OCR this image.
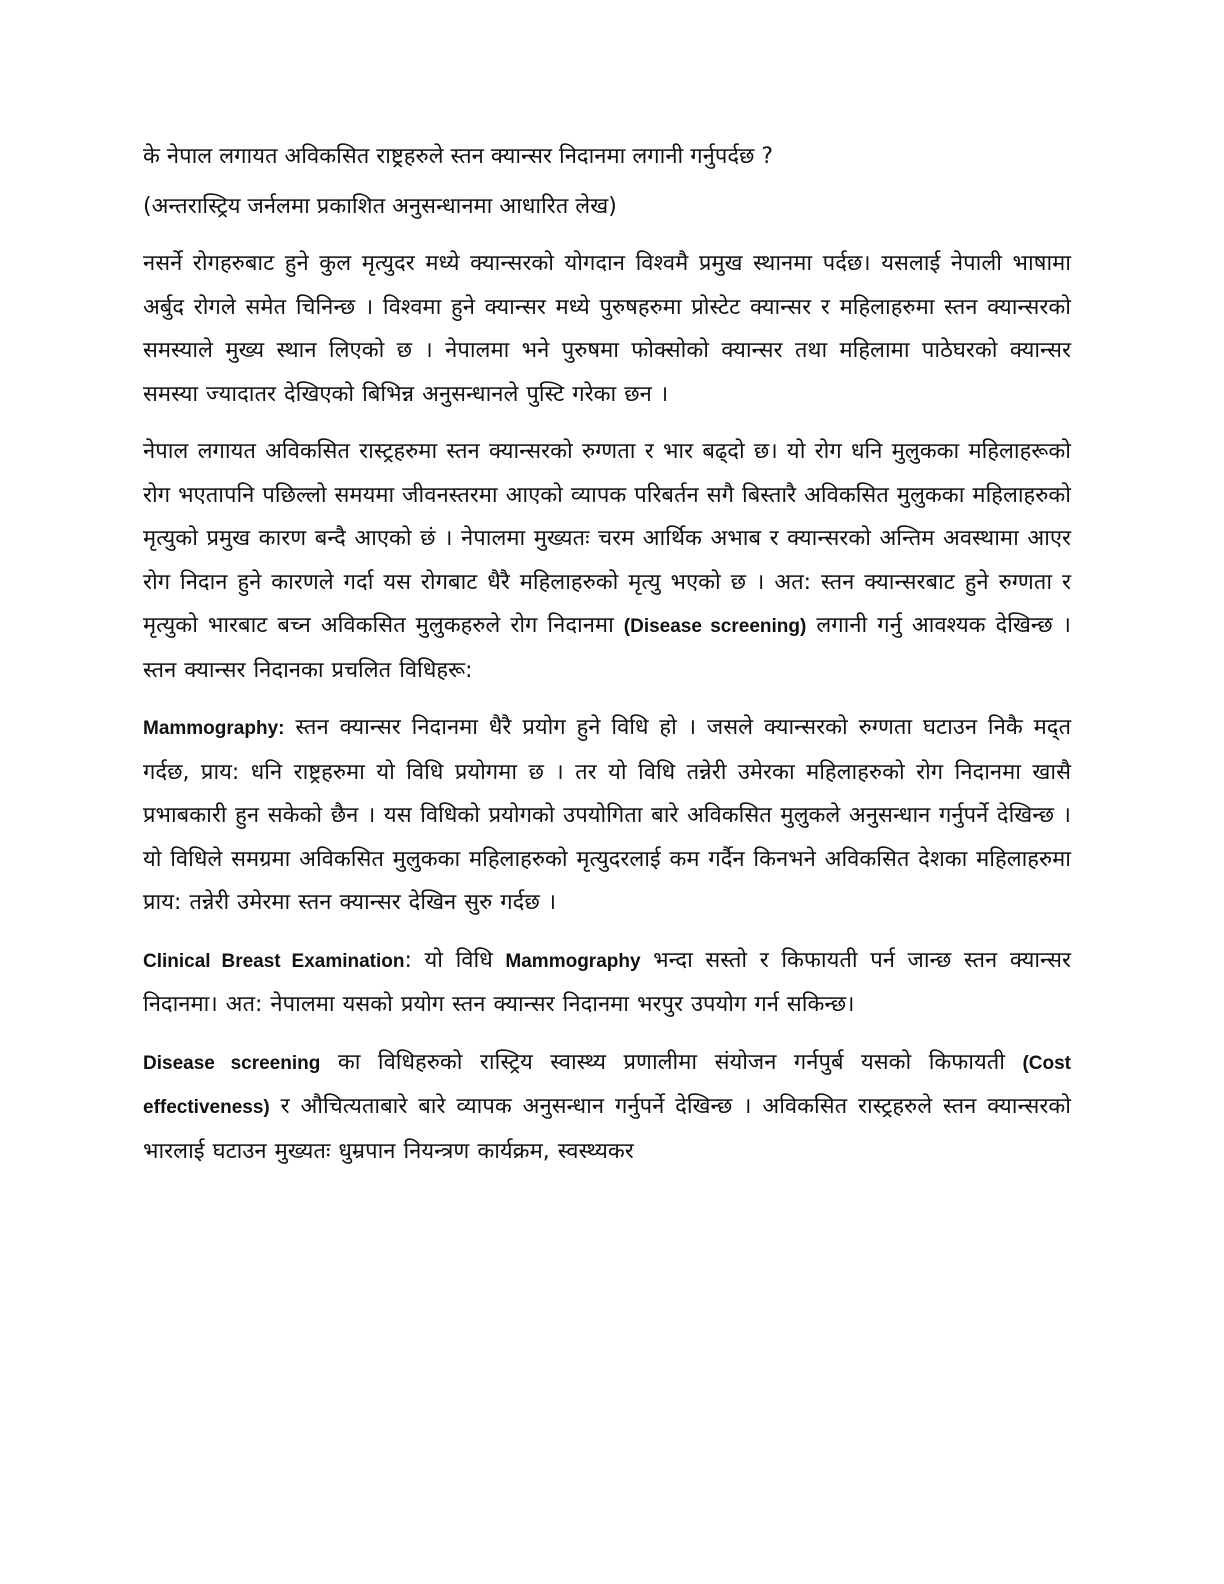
के नेपाल लगायत अविकसित राष्ट्रहरुले स्तन क्यान्सर निदानमा लगानी गर्नुपर्दछ ?

(अन्तरास्ट्रिय जर्नलमा प्रकाशित अनुसन्धानमा आधारित लेख)

नसर्ने रोगहरुबाट हुने कुल मृत्युदर मध्ये क्यान्सरको योगदान विश्वमै प्रमुख स्थानमा पर्दछ। यसलाई नेपाली भाषामा अर्बुद रोगले समेत चिनिन्छ । विश्वमा हुने क्यान्सर मध्ये पुरुषहरुमा प्रोस्टेट क्यान्सर र महिलाहरुमा स्तन क्यान्सरको समस्याले मुख्य स्थान लिएको छ । नेपालमा भने पुरुषमा फोक्सोको क्यान्सर तथा महिलामा पाठेघरको क्यान्सर समस्या ज्यादातर देखिएको बिभिन्न अनुसन्धानले पुस्टि गरेका छन ।

नेपाल लगायत अविकसित रास्ट्रहरुमा स्तन क्यान्सरको रुग्णता र भार बढ्दो छ। यो रोग धनि मुलुकका महिलाहरूको रोग भएतापनि पछिल्लो समयमा जीवनस्तरमा आएको व्यापक परिबर्तन सगै बिस्तारै अविकसित मुलुकका महिलाहरुको मृत्युको प्रमुख कारण बन्दै आएको छं । नेपालमा मुख्यतः चरम आर्थिक अभाब र क्यान्सरको अन्तिम अवस्थामा आएर रोग निदान हुने कारणले गर्दा यस रोगबाट धैरै महिलाहरुको मृत्यु भएको छ । अत: स्तन क्यान्सरबाट हुने रुग्णता र मृत्युको भारबाट बच्न अविकसित मुलुकहरुले रोग निदानमा (Disease screening) लगानी गर्नु आवश्यक देखिन्छ । स्तन क्यान्सर निदानका प्रचलित विधिहरू:

Mammography: स्तन क्यान्सर निदानमा धैरै प्रयोग हुने विधि हो । जसले क्यान्सरको रुग्णता घटाउन निकै मद्त गर्दछ, प्राय: धनि राष्ट्रहरुमा यो विधि प्रयोगमा छ । तर यो विधि तन्नेरी उमेरका महिलाहरुको रोग निदानमा खासै प्रभाबकारी हुन सकेको छैन । यस विधिको प्रयोगको उपयोगिता बारे अविकसित मुलुकले अनुसन्धान गर्नुपर्ने देखिन्छ । यो विधिले समग्रमा अविकसित मुलुकका महिलाहरुको मृत्युदरलाई कम गर्दैन किनभने अविकसित देशका महिलाहरुमा प्राय: तन्नेरी उमेरमा स्तन क्यान्सर देखिन सुरु गर्दछ ।

Clinical Breast Examination: यो विधि Mammography भन्दा सस्तो र किफायती पर्न जान्छ स्तन क्यान्सर निदानमा। अत: नेपालमा यसको प्रयोग स्तन क्यान्सर निदानमा भरपुर उपयोग गर्न सकिन्छ।

Disease screening का विधिहरुको रास्ट्रिय स्वास्थ्य प्रणालीमा संयोजन गर्नपुर्ब यसको किफायती (Cost effectiveness) र औचित्यताबारे बारे व्यापक अनुसन्धान गर्नुपर्ने देखिन्छ । अविकसित रास्ट्रहरुले स्तन क्यान्सरको भारलाई घटाउन मुख्यतः धुम्रपान नियन्त्रण कार्यक्रम, स्वस्थ्यकर
